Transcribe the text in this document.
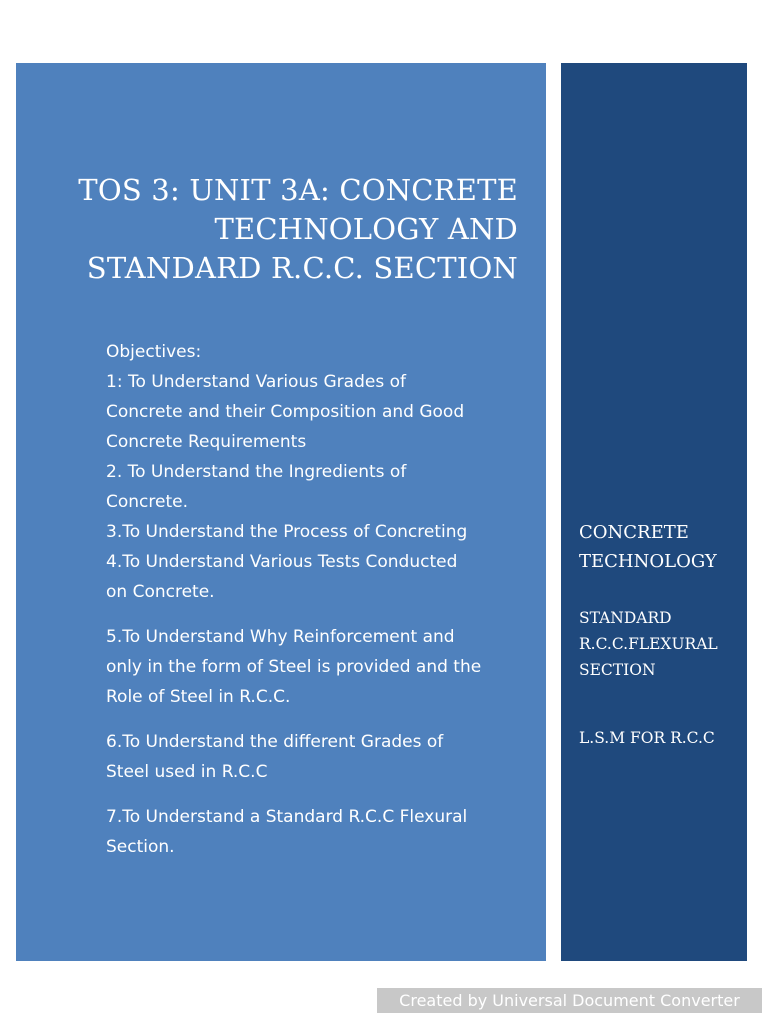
TOS 3: UNIT 3A: CONCRETE
TECHNOLOGY AND
STANDARD R.C.C. SECTION
Objectives:
1: To Understand Various Grades of
Concrete and their Composition and Good
Concrete Requirements
2. To Understand the Ingredients of
Concrete.
3.To Understand the Process of Concreting
4.To Understand Various Tests Conducted
on Concrete.
5.To Understand Why Reinforcement and
only in the form of Steel is provided and the
Role of Steel in R.C.C.
6.To Understand the different Grades of
Steel used in R.C.C
7.To Understand a Standard R.C.C Flexural
Section.
CONCRETE
TECHNOLOGY
STANDARD
R.C.C.FLEXURAL
SECTION
L.S.M FOR R.C.C
Created by Universal Document Converter
